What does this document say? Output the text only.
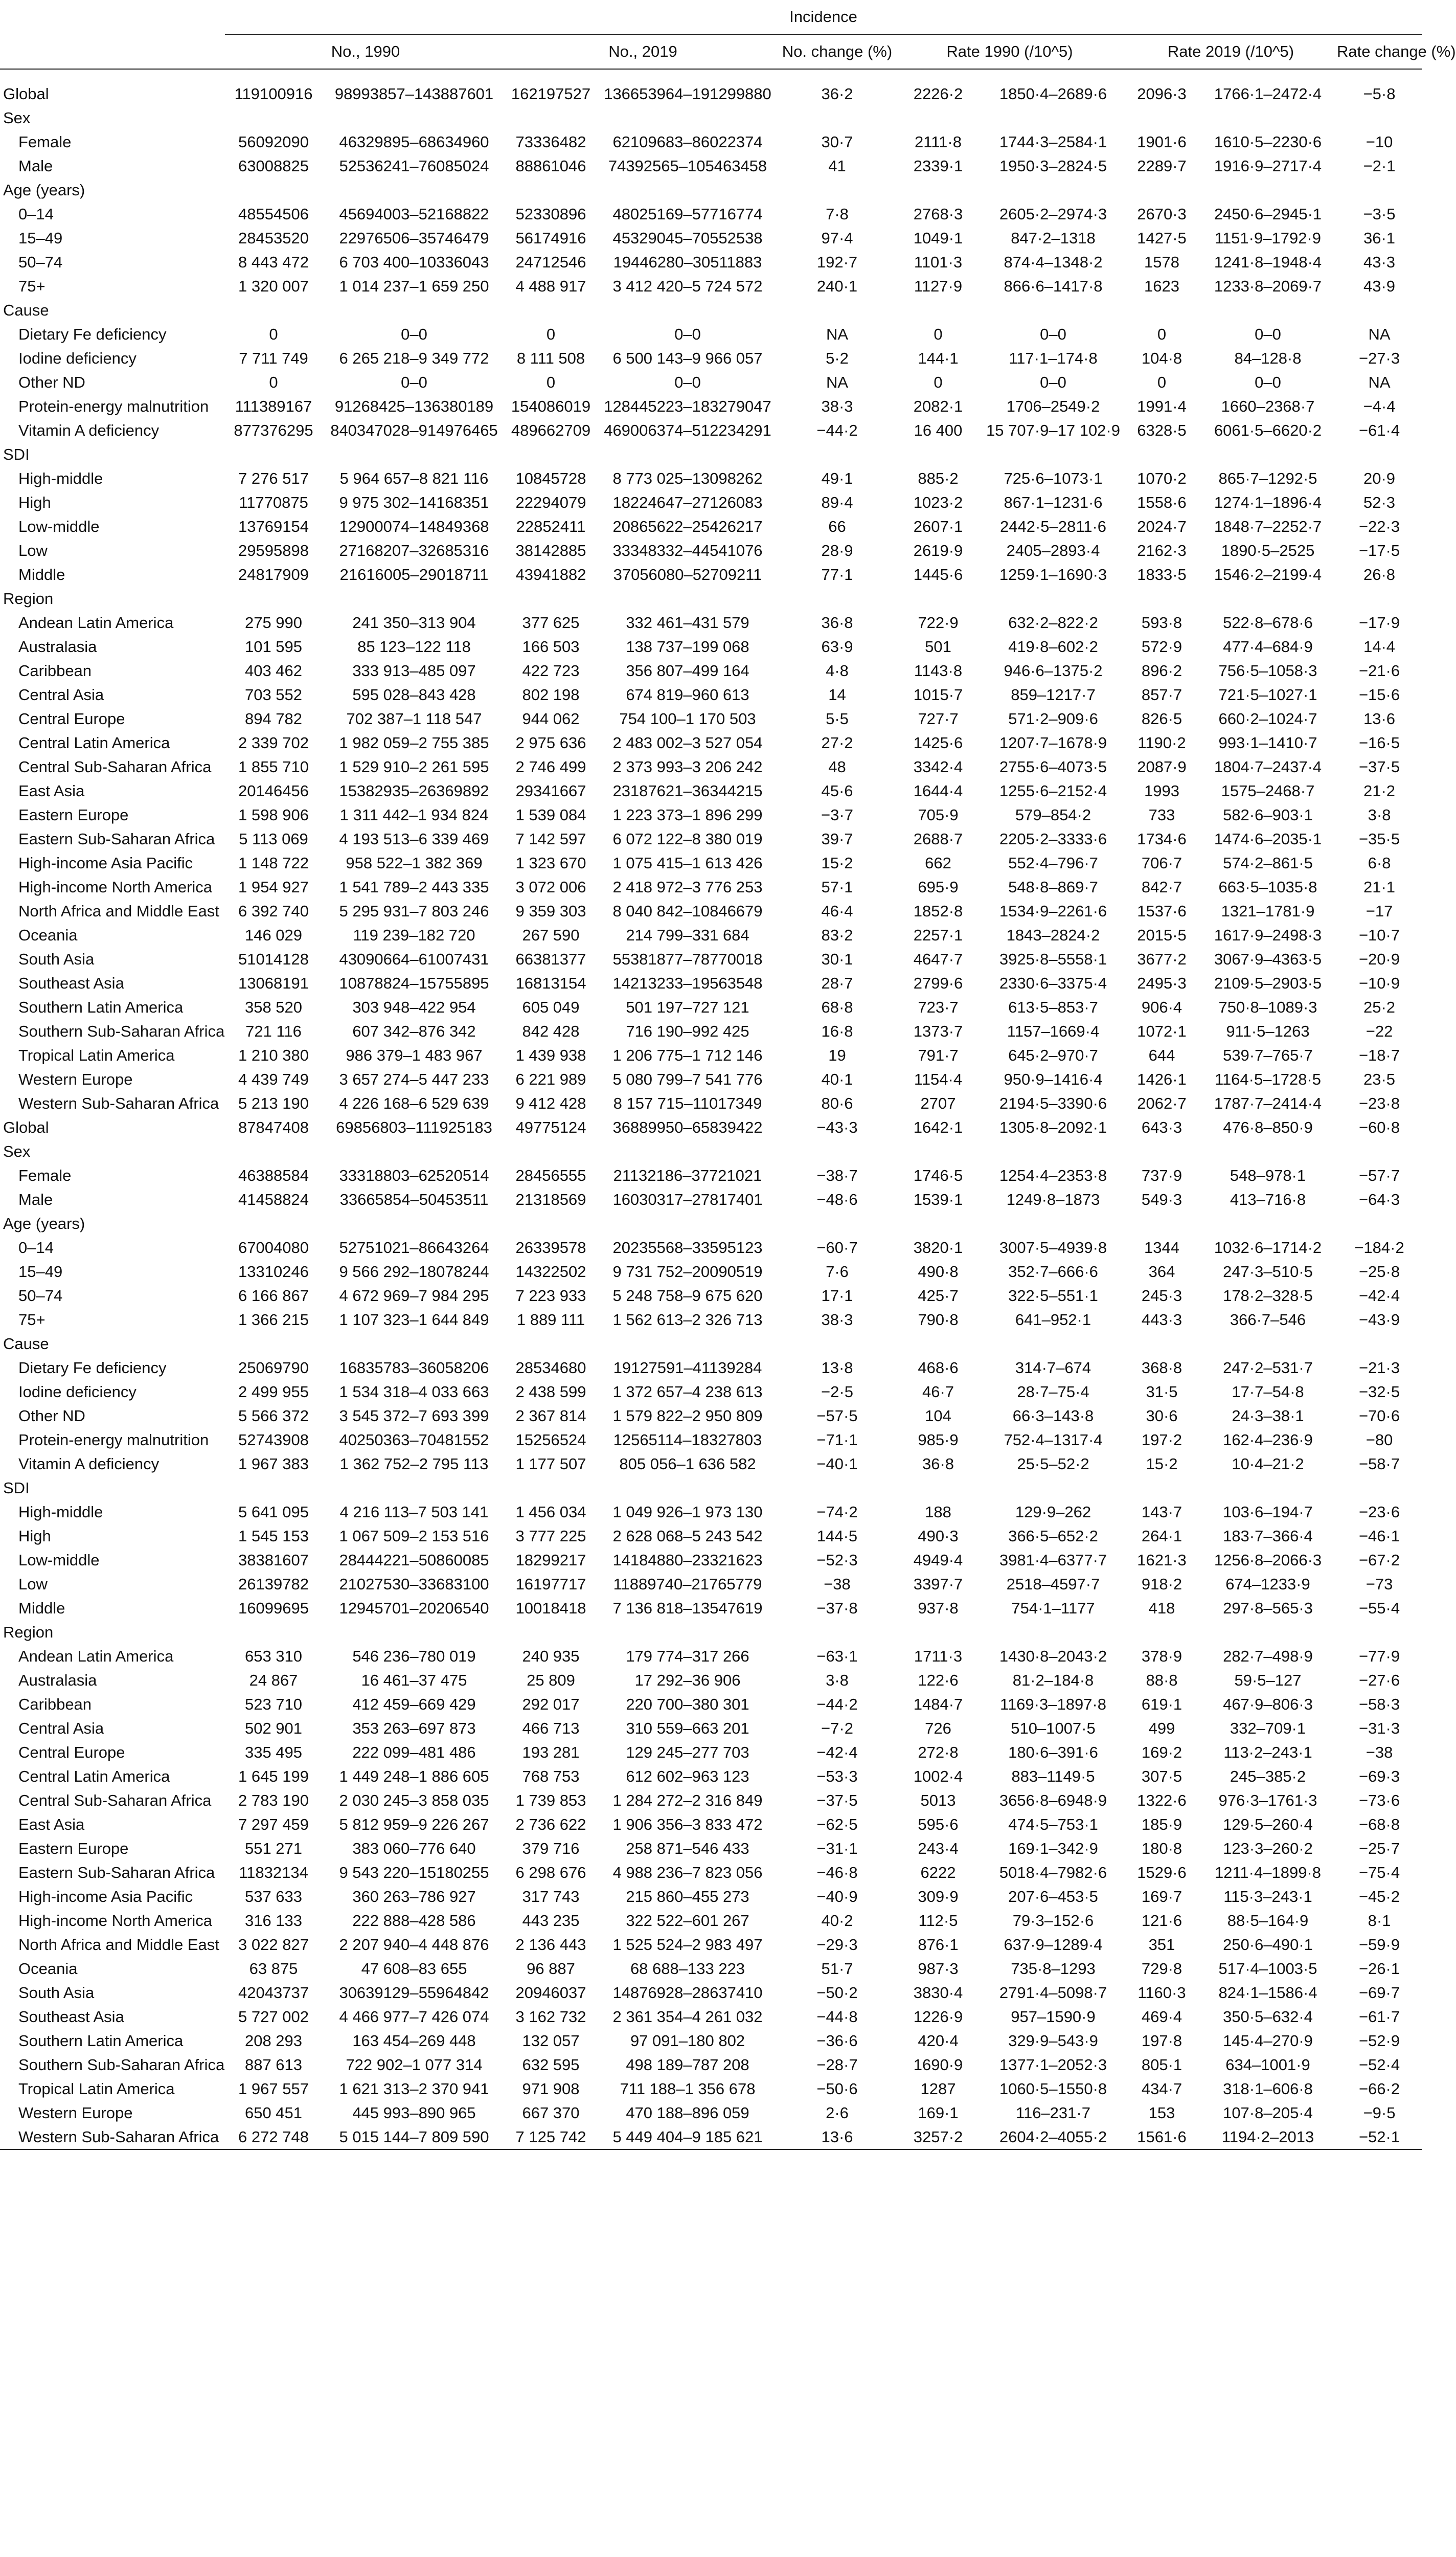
	Incidence									
	No., 1990		No., 2019		No. change (%)	Rate 1990 (/10^5)		Rate 2019 (/10^5)		Rate change (%)

Global	119100916	98993857–143887601	162197527	136653964–191299880	36·2	2226·2	1850·4–2689·6	2096·3	1766·1–2472·4	−5·8
Sex										
Female	56092090	46329895–68634960	73336482	62109683–86022374	30·7	2111·8	1744·3–2584·1	1901·6	1610·5–2230·6	−10
Male	63008825	52536241–76085024	88861046	74392565–105463458	41	2339·1	1950·3–2824·5	2289·7	1916·9–2717·4	−2·1
Age (years)										
0–14	48554506	45694003–52168822	52330896	48025169–57716774	7·8	2768·3	2605·2–2974·3	2670·3	2450·6–2945·1	−3·5
15–49	28453520	22976506–35746479	56174916	45329045–70552538	97·4	1049·1	847·2–1318	1427·5	1151·9–1792·9	36·1
50–74	8 443 472	6 703 400–10336043	24712546	19446280–30511883	192·7	1101·3	874·4–1348·2	1578	1241·8–1948·4	43·3
75+	1 320 007	1 014 237–1 659 250	4 488 917	3 412 420–5 724 572	240·1	1127·9	866·6–1417·8	1623	1233·8–2069·7	43·9
Cause										
Dietary Fe deficiency	0	0–0	0	0–0	NA	0	0–0	0	0–0	NA
Iodine deficiency	7 711 749	6 265 218–9 349 772	8 111 508	6 500 143–9 966 057	5·2	144·1	117·1–174·8	104·8	84–128·8	−27·3
Other ND	0	0–0	0	0–0	NA	0	0–0	0	0–0	NA
Protein-energy malnutrition	111389167	91268425–136380189	154086019	128445223–183279047	38·3	2082·1	1706–2549·2	1991·4	1660–2368·7	−4·4
Vitamin A deficiency	877376295	840347028–914976465	489662709	469006374–512234291	−44·2	16 400	15 707·9–17 102·9	6328·5	6061·5–6620·2	−61·4
SDI										
High-middle	7 276 517	5 964 657–8 821 116	10845728	8 773 025–13098262	49·1	885·2	725·6–1073·1	1070·2	865·7–1292·5	20·9
High	11770875	9 975 302–14168351	22294079	18224647–27126083	89·4	1023·2	867·1–1231·6	1558·6	1274·1–1896·4	52·3
Low-middle	13769154	12900074–14849368	22852411	20865622–25426217	66	2607·1	2442·5–2811·6	2024·7	1848·7–2252·7	−22·3
Low	29595898	27168207–32685316	38142885	33348332–44541076	28·9	2619·9	2405–2893·4	2162·3	1890·5–2525	−17·5
Middle	24817909	21616005–29018711	43941882	37056080–52709211	77·1	1445·6	1259·1–1690·3	1833·5	1546·2–2199·4	26·8
Region										
Andean Latin America	275 990	241 350–313 904	377 625	332 461–431 579	36·8	722·9	632·2–822·2	593·8	522·8–678·6	−17·9
Australasia	101 595	85 123–122 118	166 503	138 737–199 068	63·9	501	419·8–602·2	572·9	477·4–684·9	14·4
Caribbean	403 462	333 913–485 097	422 723	356 807–499 164	4·8	1143·8	946·6–1375·2	896·2	756·5–1058·3	−21·6
Central Asia	703 552	595 028–843 428	802 198	674 819–960 613	14	1015·7	859–1217·7	857·7	721·5–1027·1	−15·6
Central Europe	894 782	702 387–1 118 547	944 062	754 100–1 170 503	5·5	727·7	571·2–909·6	826·5	660·2–1024·7	13·6
Central Latin America	2 339 702	1 982 059–2 755 385	2 975 636	2 483 002–3 527 054	27·2	1425·6	1207·7–1678·9	1190·2	993·1–1410·7	−16·5
Central Sub-Saharan Africa	1 855 710	1 529 910–2 261 595	2 746 499	2 373 993–3 206 242	48	3342·4	2755·6–4073·5	2087·9	1804·7–2437·4	−37·5
East Asia	20146456	15382935–26369892	29341667	23187621–36344215	45·6	1644·4	1255·6–2152·4	1993	1575–2468·7	21·2
Eastern Europe	1 598 906	1 311 442–1 934 824	1 539 084	1 223 373–1 896 299	−3·7	705·9	579–854·2	733	582·6–903·1	3·8
Eastern Sub-Saharan Africa	5 113 069	4 193 513–6 339 469	7 142 597	6 072 122–8 380 019	39·7	2688·7	2205·2–3333·6	1734·6	1474·6–2035·1	−35·5
High-income Asia Pacific	1 148 722	958 522–1 382 369	1 323 670	1 075 415–1 613 426	15·2	662	552·4–796·7	706·7	574·2–861·5	6·8
High-income North America	1 954 927	1 541 789–2 443 335	3 072 006	2 418 972–3 776 253	57·1	695·9	548·8–869·7	842·7	663·5–1035·8	21·1
North Africa and Middle East	6 392 740	5 295 931–7 803 246	9 359 303	8 040 842–10846679	46·4	1852·8	1534·9–2261·6	1537·6	1321–1781·9	−17
Oceania	146 029	119 239–182 720	267 590	214 799–331 684	83·2	2257·1	1843–2824·2	2015·5	1617·9–2498·3	−10·7
South Asia	51014128	43090664–61007431	66381377	55381877–78770018	30·1	4647·7	3925·8–5558·1	3677·2	3067·9–4363·5	−20·9
Southeast Asia	13068191	10878824–15755895	16813154	14213233–19563548	28·7	2799·6	2330·6–3375·4	2495·3	2109·5–2903·5	−10·9
Southern Latin America	358 520	303 948–422 954	605 049	501 197–727 121	68·8	723·7	613·5–853·7	906·4	750·8–1089·3	25·2
Southern Sub-Saharan Africa	721 116	607 342–876 342	842 428	716 190–992 425	16·8	1373·7	1157–1669·4	1072·1	911·5–1263	−22
Tropical Latin America	1 210 380	986 379–1 483 967	1 439 938	1 206 775–1 712 146	19	791·7	645·2–970·7	644	539·7–765·7	−18·7
Western Europe	4 439 749	3 657 274–5 447 233	6 221 989	5 080 799–7 541 776	40·1	1154·4	950·9–1416·4	1426·1	1164·5–1728·5	23·5
Western Sub-Saharan Africa	5 213 190	4 226 168–6 529 639	9 412 428	8 157 715–11017349	80·6	2707	2194·5–3390·6	2062·7	1787·7–2414·4	−23·8
Global	87847408	69856803–111925183	49775124	36889950–65839422	−43·3	1642·1	1305·8–2092·1	643·3	476·8–850·9	−60·8
Sex										
Female	46388584	33318803–62520514	28456555	21132186–37721021	−38·7	1746·5	1254·4–2353·8	737·9	548–978·1	−57·7
Male	41458824	33665854–50453511	21318569	16030317–27817401	−48·6	1539·1	1249·8–1873	549·3	413–716·8	−64·3
Age (years)										
0–14	67004080	52751021–86643264	26339578	20235568–33595123	−60·7	3820·1	3007·5–4939·8	1344	1032·6–1714·2	−184·2
15–49	13310246	9 566 292–18078244	14322502	9 731 752–20090519	7·6	490·8	352·7–666·6	364	247·3–510·5	−25·8
50–74	6 166 867	4 672 969–7 984 295	7 223 933	5 248 758–9 675 620	17·1	425·7	322·5–551·1	245·3	178·2–328·5	−42·4
75+	1 366 215	1 107 323–1 644 849	1 889 111	1 562 613–2 326 713	38·3	790·8	641–952·1	443·3	366·7–546	−43·9
Cause										
Dietary Fe deficiency	25069790	16835783–36058206	28534680	19127591–41139284	13·8	468·6	314·7–674	368·8	247·2–531·7	−21·3
Iodine deficiency	2 499 955	1 534 318–4 033 663	2 438 599	1 372 657–4 238 613	−2·5	46·7	28·7–75·4	31·5	17·7–54·8	−32·5
Other ND	5 566 372	3 545 372–7 693 399	2 367 814	1 579 822–2 950 809	−57·5	104	66·3–143·8	30·6	24·3–38·1	−70·6
Protein-energy malnutrition	52743908	40250363–70481552	15256524	12565114–18327803	−71·1	985·9	752·4–1317·4	197·2	162·4–236·9	−80
Vitamin A deficiency	1 967 383	1 362 752–2 795 113	1 177 507	805 056–1 636 582	−40·1	36·8	25·5–52·2	15·2	10·4–21·2	−58·7
SDI										
High-middle	5 641 095	4 216 113–7 503 141	1 456 034	1 049 926–1 973 130	−74·2	188	129·9–262	143·7	103·6–194·7	−23·6
High	1 545 153	1 067 509–2 153 516	3 777 225	2 628 068–5 243 542	144·5	490·3	366·5–652·2	264·1	183·7–366·4	−46·1
Low-middle	38381607	28444221–50860085	18299217	14184880–23321623	−52·3	4949·4	3981·4–6377·7	1621·3	1256·8–2066·3	−67·2
Low	26139782	21027530–33683100	16197717	11889740–21765779	−38	3397·7	2518–4597·7	918·2	674–1233·9	−73
Middle	16099695	12945701–20206540	10018418	7 136 818–13547619	−37·8	937·8	754·1–1177	418	297·8–565·3	−55·4
Region										
Andean Latin America	653 310	546 236–780 019	240 935	179 774–317 266	−63·1	1711·3	1430·8–2043·2	378·9	282·7–498·9	−77·9
Australasia	24 867	16 461–37 475	25 809	17 292–36 906	3·8	122·6	81·2–184·8	88·8	59·5–127	−27·6
Caribbean	523 710	412 459–669 429	292 017	220 700–380 301	−44·2	1484·7	1169·3–1897·8	619·1	467·9–806·3	−58·3
Central Asia	502 901	353 263–697 873	466 713	310 559–663 201	−7·2	726	510–1007·5	499	332–709·1	−31·3
Central Europe	335 495	222 099–481 486	193 281	129 245–277 703	−42·4	272·8	180·6–391·6	169·2	113·2–243·1	−38
Central Latin America	1 645 199	1 449 248–1 886 605	768 753	612 602–963 123	−53·3	1002·4	883–1149·5	307·5	245–385·2	−69·3
Central Sub-Saharan Africa	2 783 190	2 030 245–3 858 035	1 739 853	1 284 272–2 316 849	−37·5	5013	3656·8–6948·9	1322·6	976·3–1761·3	−73·6
East Asia	7 297 459	5 812 959–9 226 267	2 736 622	1 906 356–3 833 472	−62·5	595·6	474·5–753·1	185·9	129·5–260·4	−68·8
Eastern Europe	551 271	383 060–776 640	379 716	258 871–546 433	−31·1	243·4	169·1–342·9	180·8	123·3–260·2	−25·7
Eastern Sub-Saharan Africa	11832134	9 543 220–15180255	6 298 676	4 988 236–7 823 056	−46·8	6222	5018·4–7982·6	1529·6	1211·4–1899·8	−75·4
High-income Asia Pacific	537 633	360 263–786 927	317 743	215 860–455 273	−40·9	309·9	207·6–453·5	169·7	115·3–243·1	−45·2
High-income North America	316 133	222 888–428 586	443 235	322 522–601 267	40·2	112·5	79·3–152·6	121·6	88·5–164·9	8·1
North Africa and Middle East	3 022 827	2 207 940–4 448 876	2 136 443	1 525 524–2 983 497	−29·3	876·1	637·9–1289·4	351	250·6–490·1	−59·9
Oceania	63 875	47 608–83 655	96 887	68 688–133 223	51·7	987·3	735·8–1293	729·8	517·4–1003·5	−26·1
South Asia	42043737	30639129–55964842	20946037	14876928–28637410	−50·2	3830·4	2791·4–5098·7	1160·3	824·1–1586·4	−69·7
Southeast Asia	5 727 002	4 466 977–7 426 074	3 162 732	2 361 354–4 261 032	−44·8	1226·9	957–1590·9	469·4	350·5–632·4	−61·7
Southern Latin America	208 293	163 454–269 448	132 057	97 091–180 802	−36·6	420·4	329·9–543·9	197·8	145·4–270·9	−52·9
Southern Sub-Saharan Africa	887 613	722 902–1 077 314	632 595	498 189–787 208	−28·7	1690·9	1377·1–2052·3	805·1	634–1001·9	−52·4
Tropical Latin America	1 967 557	1 621 313–2 370 941	971 908	711 188–1 356 678	−50·6	1287	1060·5–1550·8	434·7	318·1–606·8	−66·2
Western Europe	650 451	445 993–890 965	667 370	470 188–896 059	2·6	169·1	116–231·7	153	107·8–205·4	−9·5
Western Sub-Saharan Africa	6 272 748	5 015 144–7 809 590	7 125 742	5 449 404–9 185 621	13·6	3257·2	2604·2–4055·2	1561·6	1194·2–2013	−52·1
